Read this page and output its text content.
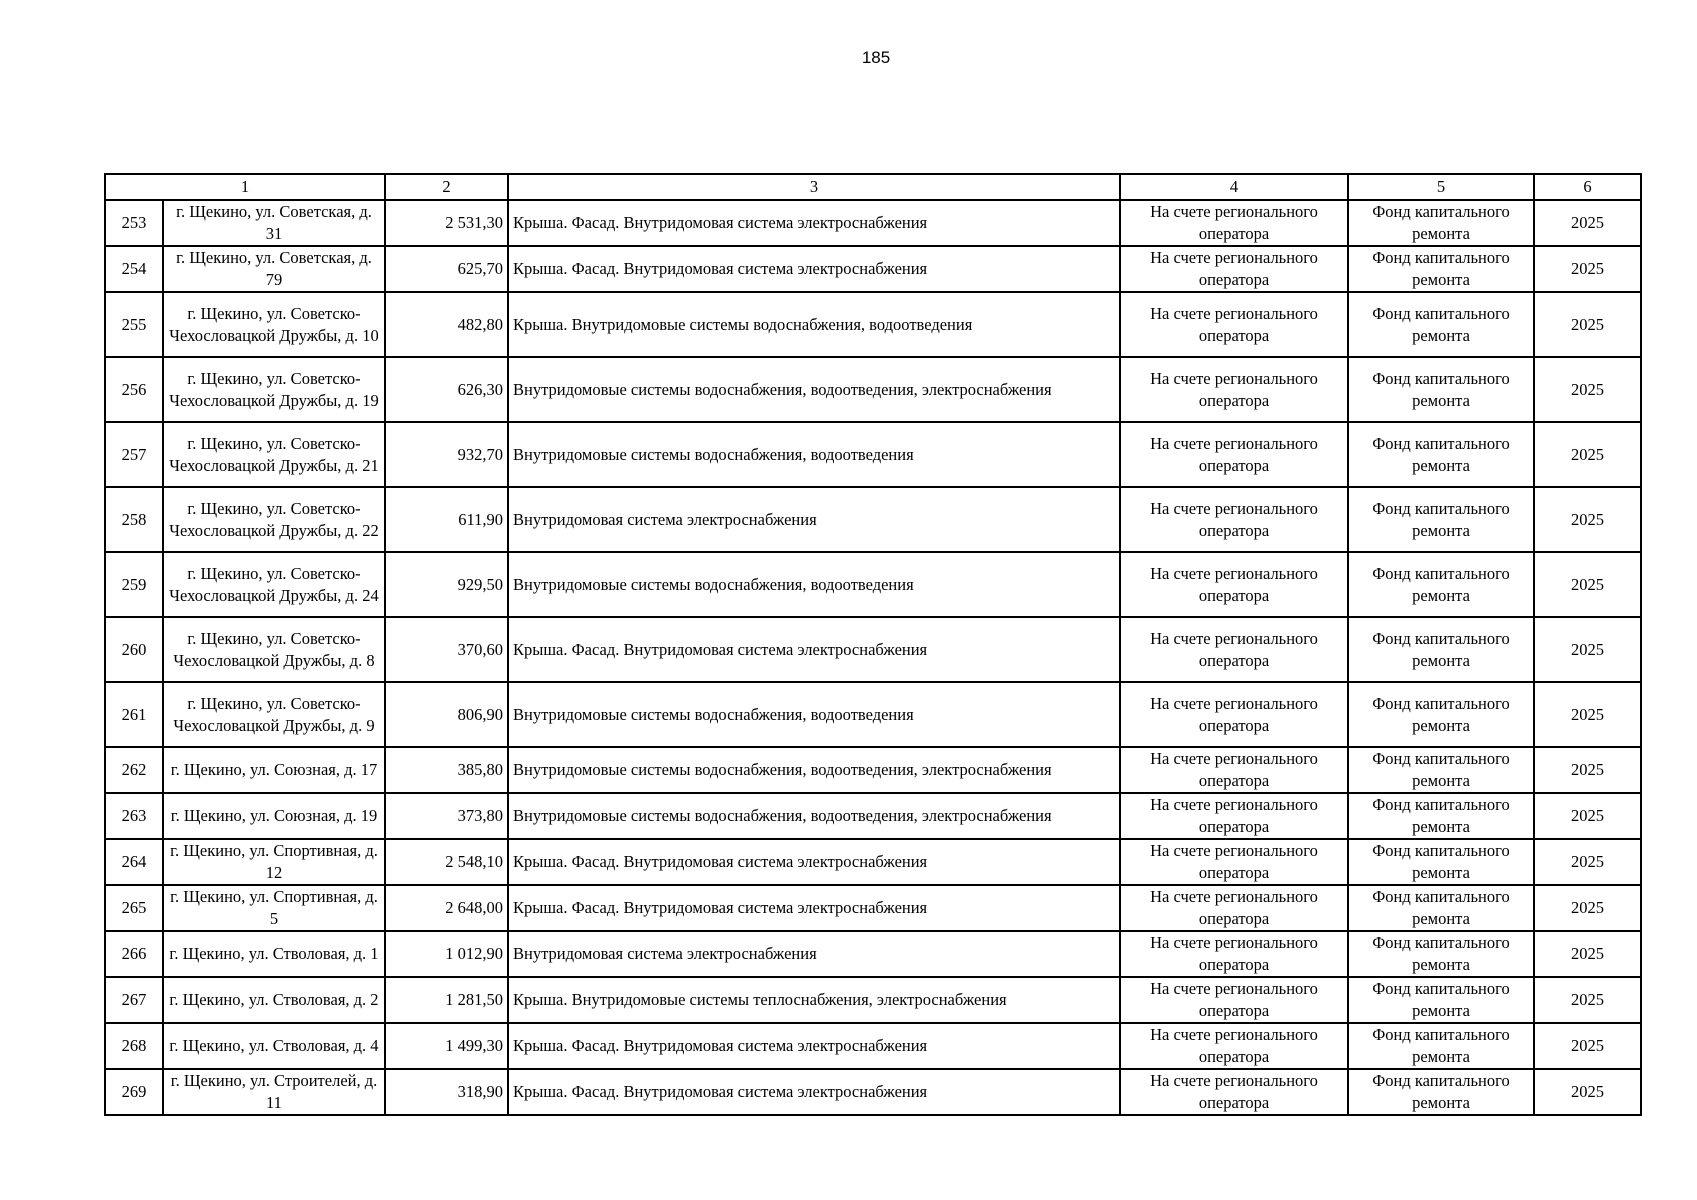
185
1		2	3	4	5	6
253	г. Щекино, ул. Советская, д. 31	2 531,30	Крыша. Фасад. Внутридомовая система электроснабжения	На счете регионального оператора	Фонд капитального ремонта	2025
254	г. Щекино, ул. Советская, д. 79	625,70	Крыша. Фасад. Внутридомовая система электроснабжения	На счете регионального оператора	Фонд капитального ремонта	2025
255	г. Щекино, ул. Советско-Чехословацкой Дружбы, д. 10	482,80	Крыша. Внутридомовые системы водоснабжения, водоотведения	На счете регионального оператора	Фонд капитального ремонта	2025
256	г. Щекино, ул. Советско-Чехословацкой Дружбы, д. 19	626,30	Внутридомовые системы водоснабжения, водоотведения, электроснабжения	На счете регионального оператора	Фонд капитального ремонта	2025
257	г. Щекино, ул. Советско-Чехословацкой Дружбы, д. 21	932,70	Внутридомовые системы водоснабжения, водоотведения	На счете регионального оператора	Фонд капитального ремонта	2025
258	г. Щекино, ул. Советско-Чехословацкой Дружбы, д. 22	611,90	Внутридомовая система электроснабжения	На счете регионального оператора	Фонд капитального ремонта	2025
259	г. Щекино, ул. Советско-Чехословацкой Дружбы, д. 24	929,50	Внутридомовые системы водоснабжения, водоотведения	На счете регионального оператора	Фонд капитального ремонта	2025
260	г. Щекино, ул. Советско-Чехословацкой Дружбы, д. 8	370,60	Крыша. Фасад. Внутридомовая система электроснабжения	На счете регионального оператора	Фонд капитального ремонта	2025
261	г. Щекино, ул. Советско-Чехословацкой Дружбы, д. 9	806,90	Внутридомовые системы водоснабжения, водоотведения	На счете регионального оператора	Фонд капитального ремонта	2025
262	г. Щекино, ул. Союзная, д. 17	385,80	Внутридомовые системы водоснабжения, водоотведения, электроснабжения	На счете регионального оператора	Фонд капитального ремонта	2025
263	г. Щекино, ул. Союзная, д. 19	373,80	Внутридомовые системы водоснабжения, водоотведения, электроснабжения	На счете регионального оператора	Фонд капитального ремонта	2025
264	г. Щекино, ул. Спортивная, д. 12	2 548,10	Крыша. Фасад. Внутридомовая система электроснабжения	На счете регионального оператора	Фонд капитального ремонта	2025
265	г. Щекино, ул. Спортивная, д. 5	2 648,00	Крыша. Фасад. Внутридомовая система электроснабжения	На счете регионального оператора	Фонд капитального ремонта	2025
266	г. Щекино, ул. Стволовая, д. 1	1 012,90	Внутридомовая система электроснабжения	На счете регионального оператора	Фонд капитального ремонта	2025
267	г. Щекино, ул. Стволовая, д. 2	1 281,50	Крыша. Внутридомовые системы теплоснабжения, электроснабжения	На счете регионального оператора	Фонд капитального ремонта	2025
268	г. Щекино, ул. Стволовая, д. 4	1 499,30	Крыша. Фасад. Внутридомовая система электроснабжения	На счете регионального оператора	Фонд капитального ремонта	2025
269	г. Щекино, ул. Строителей, д. 11	318,90	Крыша. Фасад. Внутридомовая система электроснабжения	На счете регионального оператора	Фонд капитального ремонта	2025
